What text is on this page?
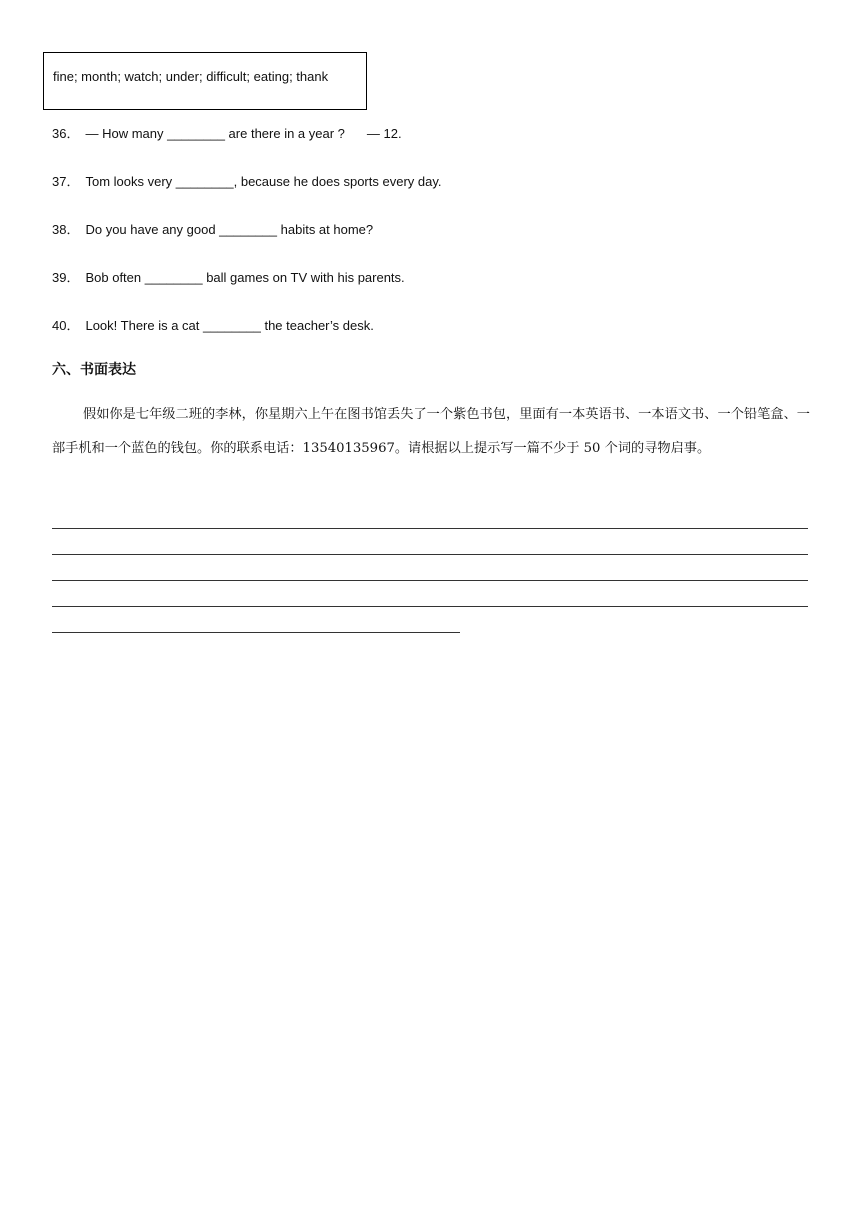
fine; month; watch; under; difficult; eating; thank
36． — How many ________ are there in a year ? — 12.
37． Tom looks very ________, because he does sports every day.
38． Do you have any good ________ habits at home?
39． Bob often ________ ball games on TV with his parents.
40． Look! There is a cat ________ the teacher’s desk.
六、书面表达
假如你是七年级二班的李林，你星期六上午在图书馆丢失了一个紫色书包，里面有一本英语书、一本语文书、一个铅笔盒、一部手机和一个蓝色的钱包。你的联系电话：13540135967。请根据以上提示写一篇不少于 50 个词的寻物启事。
